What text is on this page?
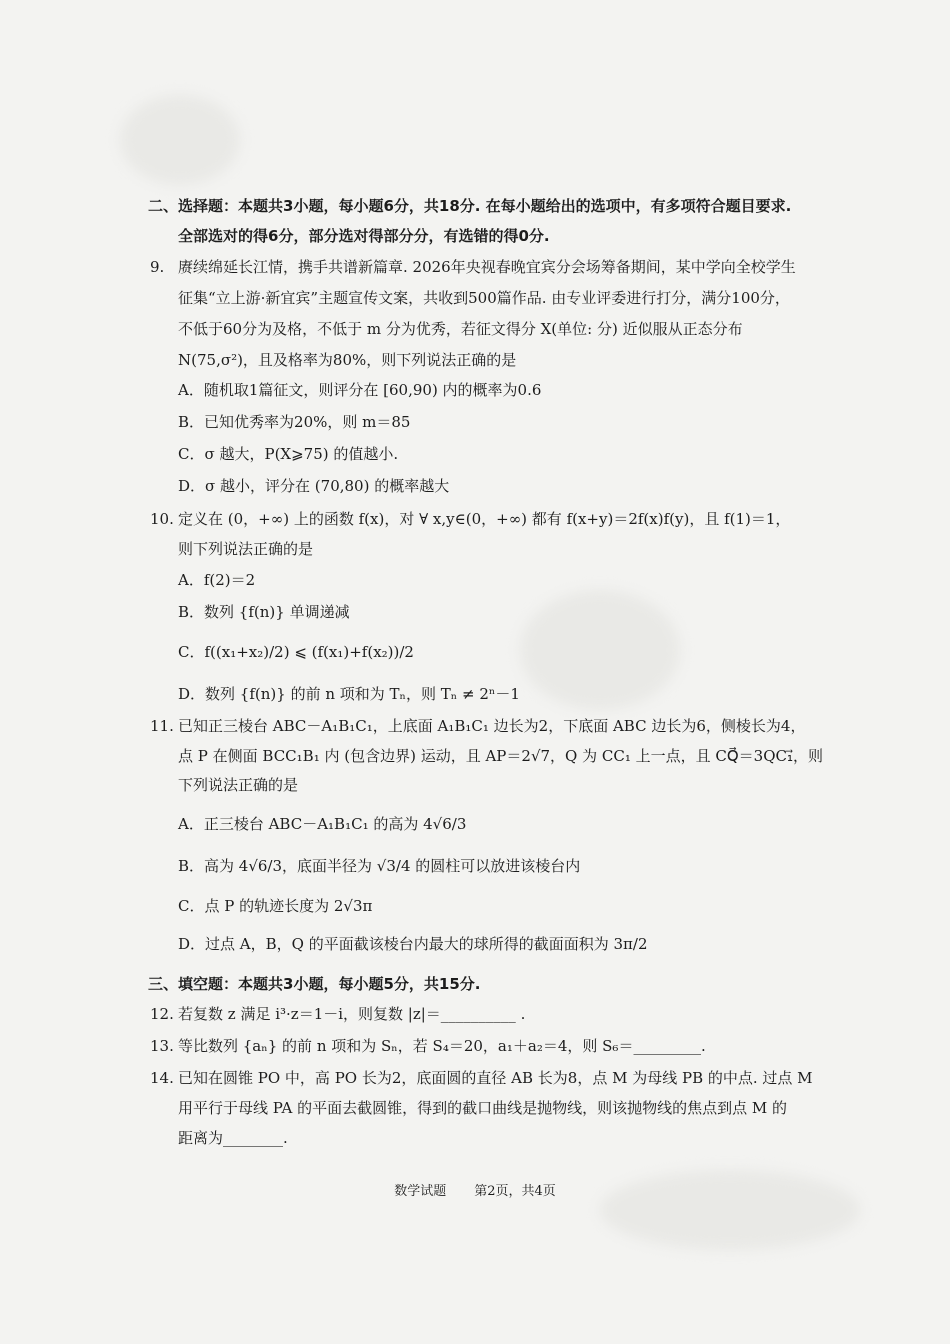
二、选择题：本题共3小题，每小题6分，共18分. 在每小题给出的选项中，有多项符合题目要求.
全部选对的得6分，部分选对得部分分，有选错的得0分.
9. 赓续绵延长江情，携手共谱新篇章. 2026年央视春晚宜宾分会场筹备期间，某中学向全校学生
征集“立上游·新宜宾”主题宣传文案，共收到500篇作品. 由专业评委进行打分，满分100分，
不低于60分为及格，不低于 m 分为优秀，若征文得分 X(单位: 分) 近似服从正态分布
N(75,σ²)，且及格率为80%，则下列说法正确的是
A．随机取1篇征文，则评分在 [60,90) 内的概率为0.6
B．已知优秀率为20%，则 m＝85
C．σ 越大，P(X⩾75) 的值越小.
D．σ 越小，评分在 (70,80) 的概率越大
10. 定义在 (0，+∞) 上的函数 f(x)，对 ∀ x,y∈(0，+∞) 都有 f(x+y)＝2f(x)f(y)，且 f(1)＝1，
则下列说法正确的是
A．f(2)＝2
B．数列 {f(n)} 单调递减
C．f((x₁+x₂)/2) ⩽ (f(x₁)+f(x₂))/2
D．数列 {f(n)} 的前 n 项和为 Tₙ，则 Tₙ ≠ 2ⁿ－1
11. 已知正三棱台 ABC－A₁B₁C₁，上底面 A₁B₁C₁ 边长为2，下底面 ABC 边长为6，侧棱长为4，
点 P 在侧面 BCC₁B₁ 内 (包含边界) 运动，且 AP＝2√7，Q 为 CC₁ 上一点，且 CQ⃗＝3QC₁⃗，则
下列说法正确的是
A．正三棱台 ABC－A₁B₁C₁ 的高为 4√6/3
B．高为 4√6/3，底面半径为 √3/4 的圆柱可以放进该棱台内
C．点 P 的轨迹长度为 2√3π
D．过点 A，B，Q 的平面截该棱台内最大的球所得的截面面积为 3π/2
三、填空题：本题共3小题，每小题5分，共15分.
12. 若复数 z 满足 i³·z＝1－i，则复数 |z|＝__________ .
13. 等比数列 {aₙ} 的前 n 项和为 Sₙ，若 S₄＝20，a₁＋a₂＝4，则 S₆＝_________.
14. 已知在圆锥 PO 中，高 PO 长为2，底面圆的直径 AB 长为8，点 M 为母线 PB 的中点. 过点 M
用平行于母线 PA 的平面去截圆锥，得到的截口曲线是抛物线，则该抛物线的焦点到点 M 的
距离为________.
数学试题 第2页，共4页
